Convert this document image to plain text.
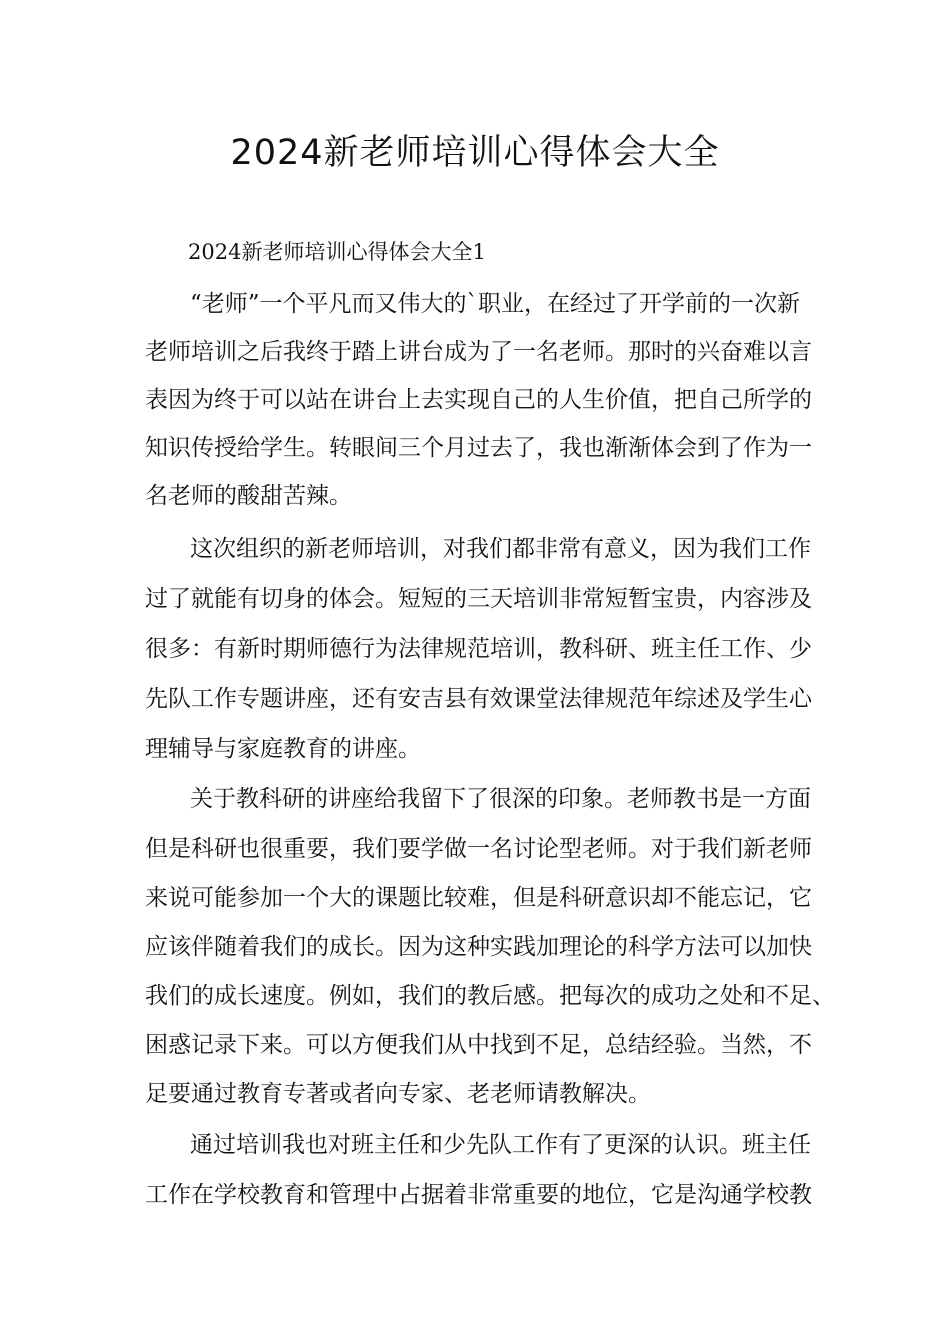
2024新老师培训心得体会大全
2024新老师培训心得体会大全1
“老师”一个平凡而又伟大的`职业，在经过了开学前的一次新
老师培训之后我终于踏上讲台成为了一名老师。那时的兴奋难以言
表因为终于可以站在讲台上去实现自己的人生价值，把自己所学的
知识传授给学生。转眼间三个月过去了，我也渐渐体会到了作为一
名老师的酸甜苦辣。
这次组织的新老师培训，对我们都非常有意义，因为我们工作
过了就能有切身的体会。短短的三天培训非常短暂宝贵，内容涉及
很多：有新时期师德行为法律规范培训，教科研、班主任工作、少
先队工作专题讲座，还有安吉县有效课堂法律规范年综述及学生心
理辅导与家庭教育的讲座。
关于教科研的讲座给我留下了很深的印象。老师教书是一方面
但是科研也很重要，我们要学做一名讨论型老师。对于我们新老师
来说可能参加一个大的课题比较难，但是科研意识却不能忘记，它
应该伴随着我们的成长。因为这种实践加理论的科学方法可以加快
我们的成长速度。例如，我们的教后感。把每次的成功之处和不足、
困惑记录下来。可以方便我们从中找到不足，总结经验。当然，不
足要通过教育专著或者向专家、老老师请教解决。
通过培训我也对班主任和少先队工作有了更深的认识。班主任
工作在学校教育和管理中占据着非常重要的地位，它是沟通学校教
